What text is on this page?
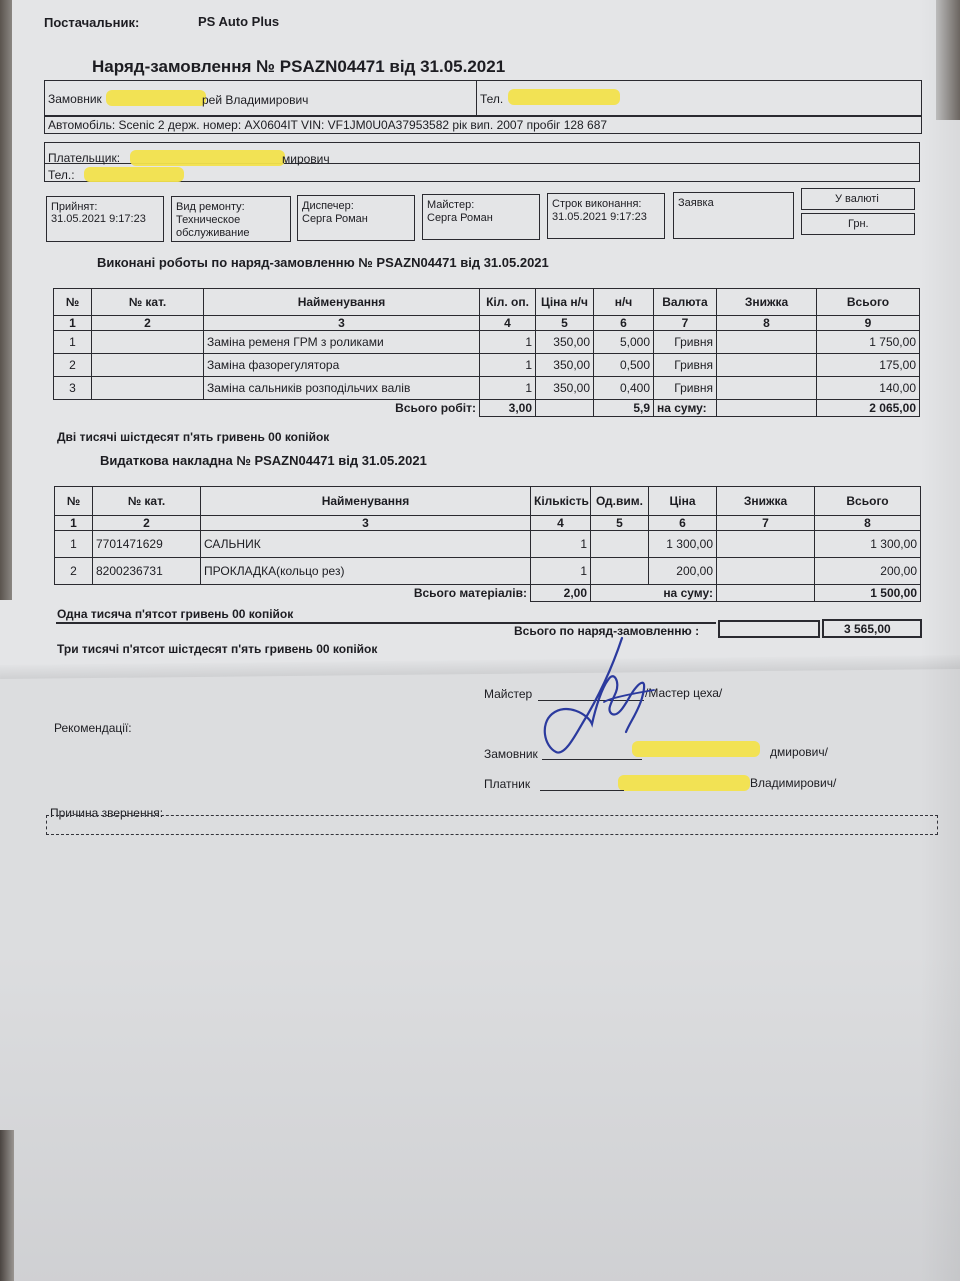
Постачальник:	PS Auto Plus
Наряд-замовлення № PSAZN04471 від 31.05.2021
Замовник	рей Владимирович	Тел.
Автомобіль: Scenic 2 держ. номер: AX0604IT VIN: VF1JM0U0A37953582 рік вип. 2007 пробіг 128 687
Плательщик:	мирович
Тел.:
Прийнят:
31.05.2021 9:17:23
Вид ремонту:
Техническое
обслуживание
Диспечер:
Серга Роман
Майстер:
Серга Роман
Строк виконання:
31.05.2021 9:17:23
Заявка	У валюті
Грн.
Виконані роботы по наряд-замовленню № PSAZN04471 від 31.05.2021
№	№ кат.	Найменування	Кіл. оп.	Ціна н/ч	н/ч	Валюта	Знижка	Всього
1	2	3	4	5	6	7	8	9
1		Заміна ременя ГРМ з роликами	1	350,00	5,000	Гривня		1 750,00
2		Заміна фазорегулятора	1	350,00	0,500	Гривня		175,00
3		Заміна сальників розподільчих валів	1	350,00	0,400	Гривня		140,00
Всього робіт:			3,00		5,9	на суму:		2 065,00
Дві тисячі шістдесят п'ять гривень 00 копійок
Видаткова накладна № PSAZN04471 від 31.05.2021
№	№ кат.	Найменування	Кількість	Од.вим.	Ціна	Знижка	Всього
1	2	3	4	5	6	7	8
1	7701471629	САЛЬНИК	1		1 300,00		1 300,00
2	8200236731	ПРОКЛАДКА(кольцо рез)	1		200,00		200,00
Всього матеріалів:			2,00	на суму:			1 500,00
Одна тисяча п'ятсот гривень 00 копійок
Всього по наряд-замовленню :	3 565,00
Три тисячі п'ятсот шістдесят п'ять гривень 00 копійок
Майстер	/Мастер цеха/
Рекомендації:
Замовник	дмирович/
Платник	Владимирович/
Причина звернення:
